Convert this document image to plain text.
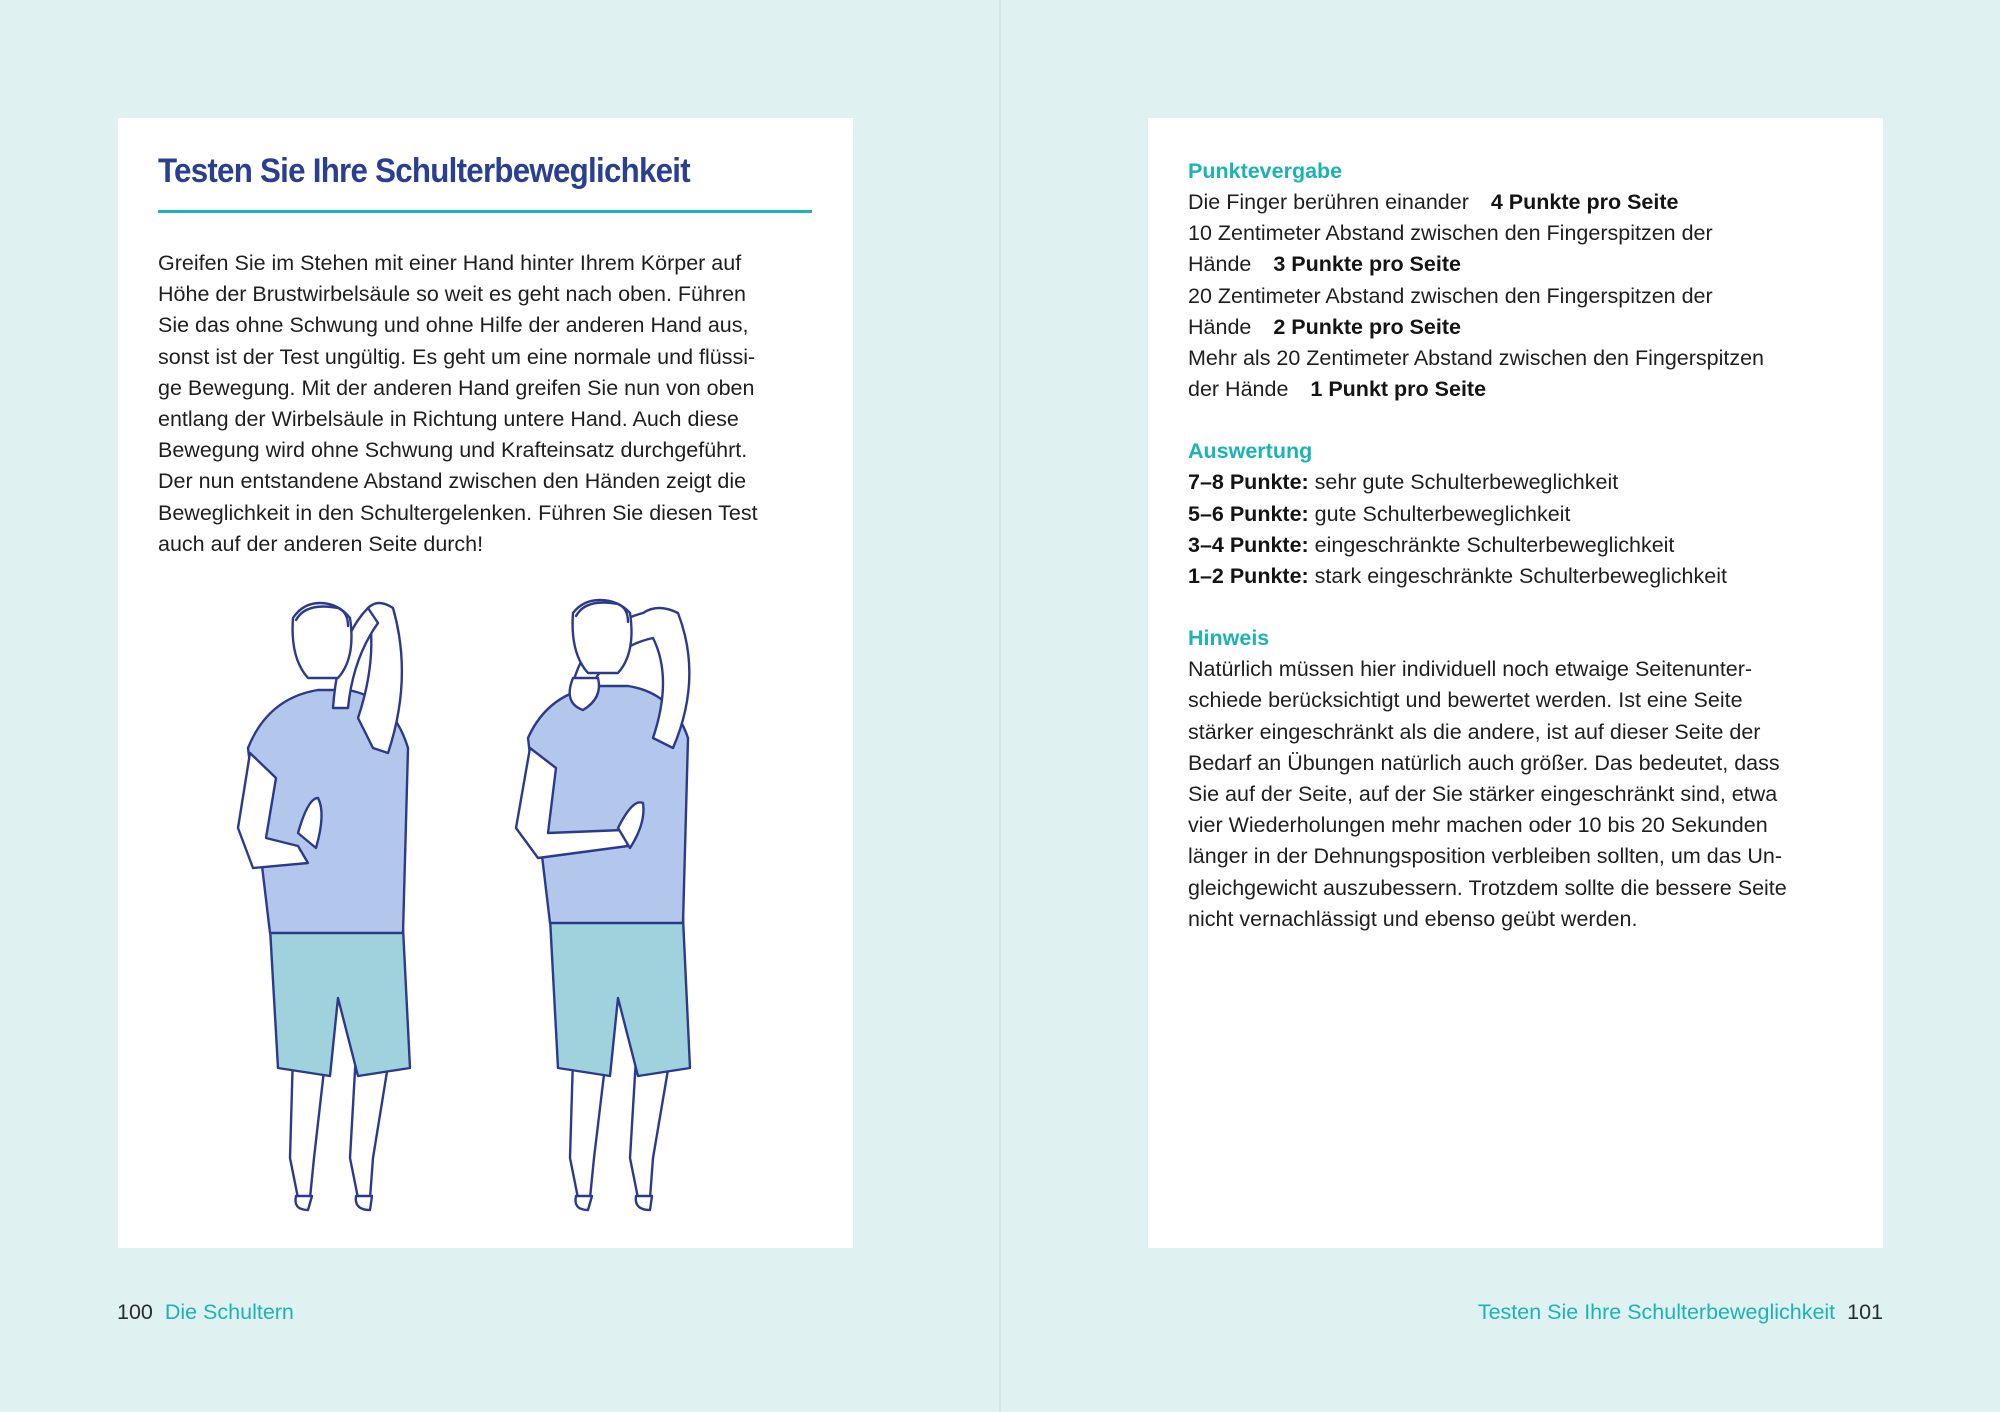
Testen Sie Ihre Schulterbeweglichkeit
Greifen Sie im Stehen mit einer Hand hinter Ihrem Körper auf
Höhe der Brustwirbelsäule so weit es geht nach oben. Führen
Sie das ohne Schwung und ohne Hilfe der anderen Hand aus,
sonst ist der Test ungültig. Es geht um eine normale und flüssi-
ge Bewegung. Mit der anderen Hand greifen Sie nun von oben
entlang der Wirbelsäule in Richtung untere Hand. Auch diese
Bewegung wird ohne Schwung und Krafteinsatz durchgeführt.
Der nun entstandene Abstand zwischen den Händen zeigt die
Beweglichkeit in den Schultergelenken. Führen Sie diesen Test
auch auf der anderen Seite durch!
Punktevergabe
Die Finger berühren einander 4 Punkte pro Seite
10 Zentimeter Abstand zwischen den Fingerspitzen der
Hände 3 Punkte pro Seite
20 Zentimeter Abstand zwischen den Fingerspitzen der
Hände 2 Punkte pro Seite
Mehr als 20 Zentimeter Abstand zwischen den Fingerspitzen
der Hände 1 Punkt pro Seite
Auswertung
7–8 Punkte: sehr gute Schulterbeweglichkeit
5–6 Punkte: gute Schulterbeweglichkeit
3–4 Punkte: eingeschränkte Schulterbeweglichkeit
1–2 Punkte: stark eingeschränkte Schulterbeweglichkeit
Hinweis
Natürlich müssen hier individuell noch etwaige Seitenunter-
schiede berücksichtigt und bewertet werden. Ist eine Seite
stärker eingeschränkt als die andere, ist auf dieser Seite der
Bedarf an Übungen natürlich auch größer. Das bedeutet, dass
Sie auf der Seite, auf der Sie stärker eingeschränkt sind, etwa
vier Wiederholungen mehr machen oder 10 bis 20 Sekunden
länger in der Dehnungsposition verbleiben sollten, um das Un-
gleichgewicht auszubessern. Trotzdem sollte die bessere Seite
nicht vernachlässigt und ebenso geübt werden.
100 Die Schultern	Testen Sie Ihre Schulterbeweglichkeit 101
